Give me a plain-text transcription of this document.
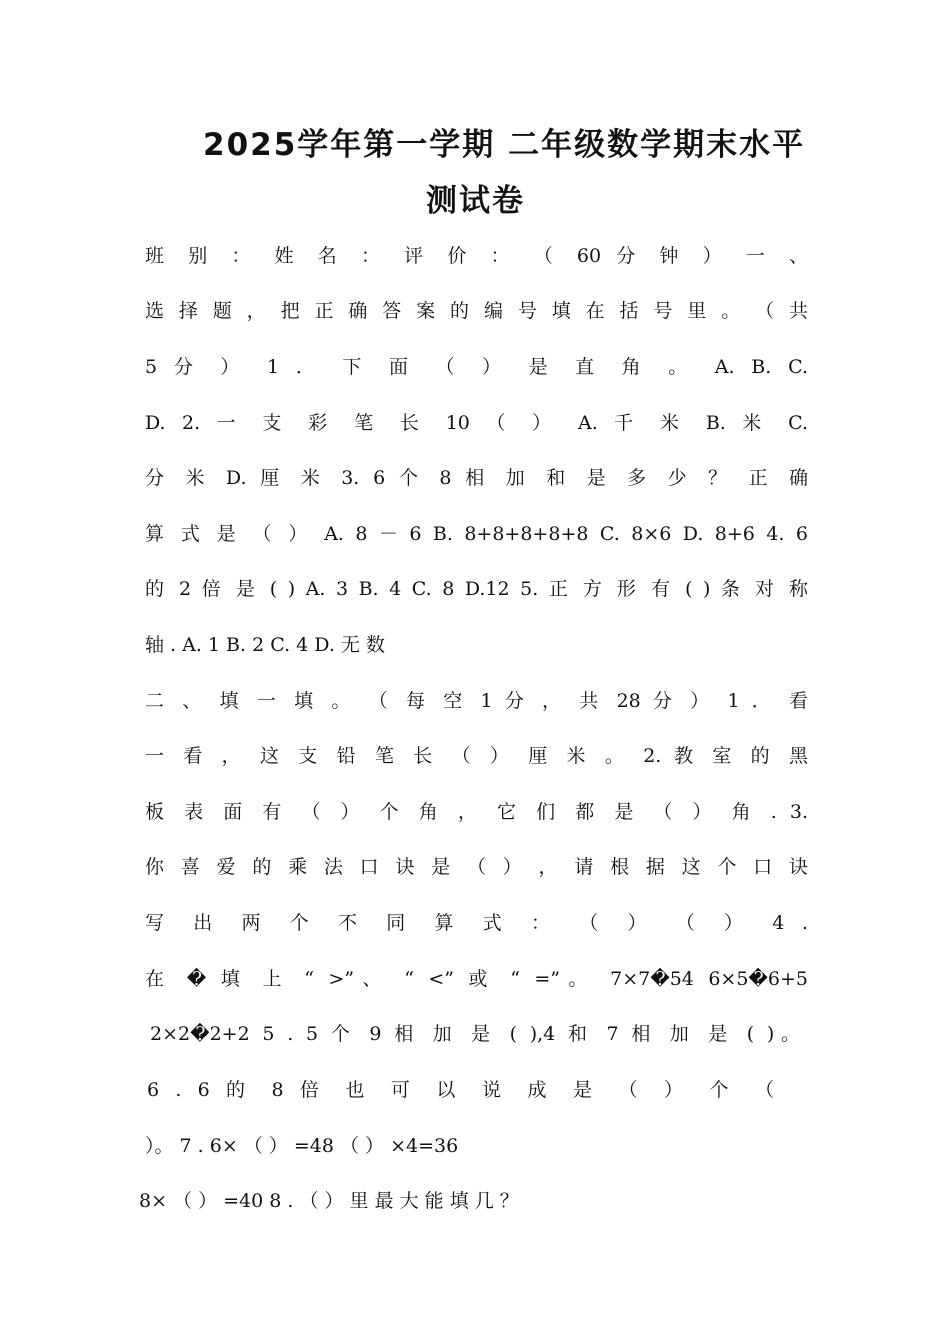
2025学年第一学期 二年级数学期末水平
测试卷
班 别 ： 姓 名 ： 评 价 ： （ 60 分 钟 ） 一 、
选 择 题 ， 把 正 确 答 案 的 编 号 填 在 括 号 里 。 （ 共
5 分 ） 1 ． 下 面 （ ） 是 直 角 。 A. B. C.
D. 2. 一 支 彩 笔 长 10 （ ） A. 千 米 B. 米 C.
分 米 D. 厘 米 3. 6 个 8 相 加 和 是 多 少 ？ 正 确
算 式 是 （ ） A. 8 － 6 B. 8+8+8+8+8 C. 8×6 D. 8+6 4. 6
的 2 倍 是 ( ) A. 3 B. 4 C. 8 D.12 5. 正 方 形 有 ( ) 条 对 称
轴 . A. 1 B. 2 C. 4 D. 无 数
二 、 填 一 填 。 （ 每 空 1 分 ， 共 28 分 ） 1 ． 看
一 看 ， 这 支 铅 笔 长 （ ） 厘 米 。 2. 教 室 的 黑
板 表 面 有 （ ） 个 角 ， 它 们 都 是 （ ） 角 . 3.
你 喜 爱 的 乘 法 口 诀 是 （ ） ， 请 根 据 这 个 口 诀
写 出 两 个 不 同 算 式 ： （ ） （ ） 4 .
在 � 填 上 “ >”、 “ <” 或 “ =”。 7×7�54 6×5�6+5
2×2�2+2 5 . 5 个 9 相 加 是 ( ),4 和 7 相 加 是 ( )。
6 . 6 的 8 倍 也 可 以 说 成 是 （ ） 个 （
）。 7 . 6× （ ） =48 （ ） ×4=36
8× （ ） =40 8 . （ ） 里 最 大 能 填 几 ？
